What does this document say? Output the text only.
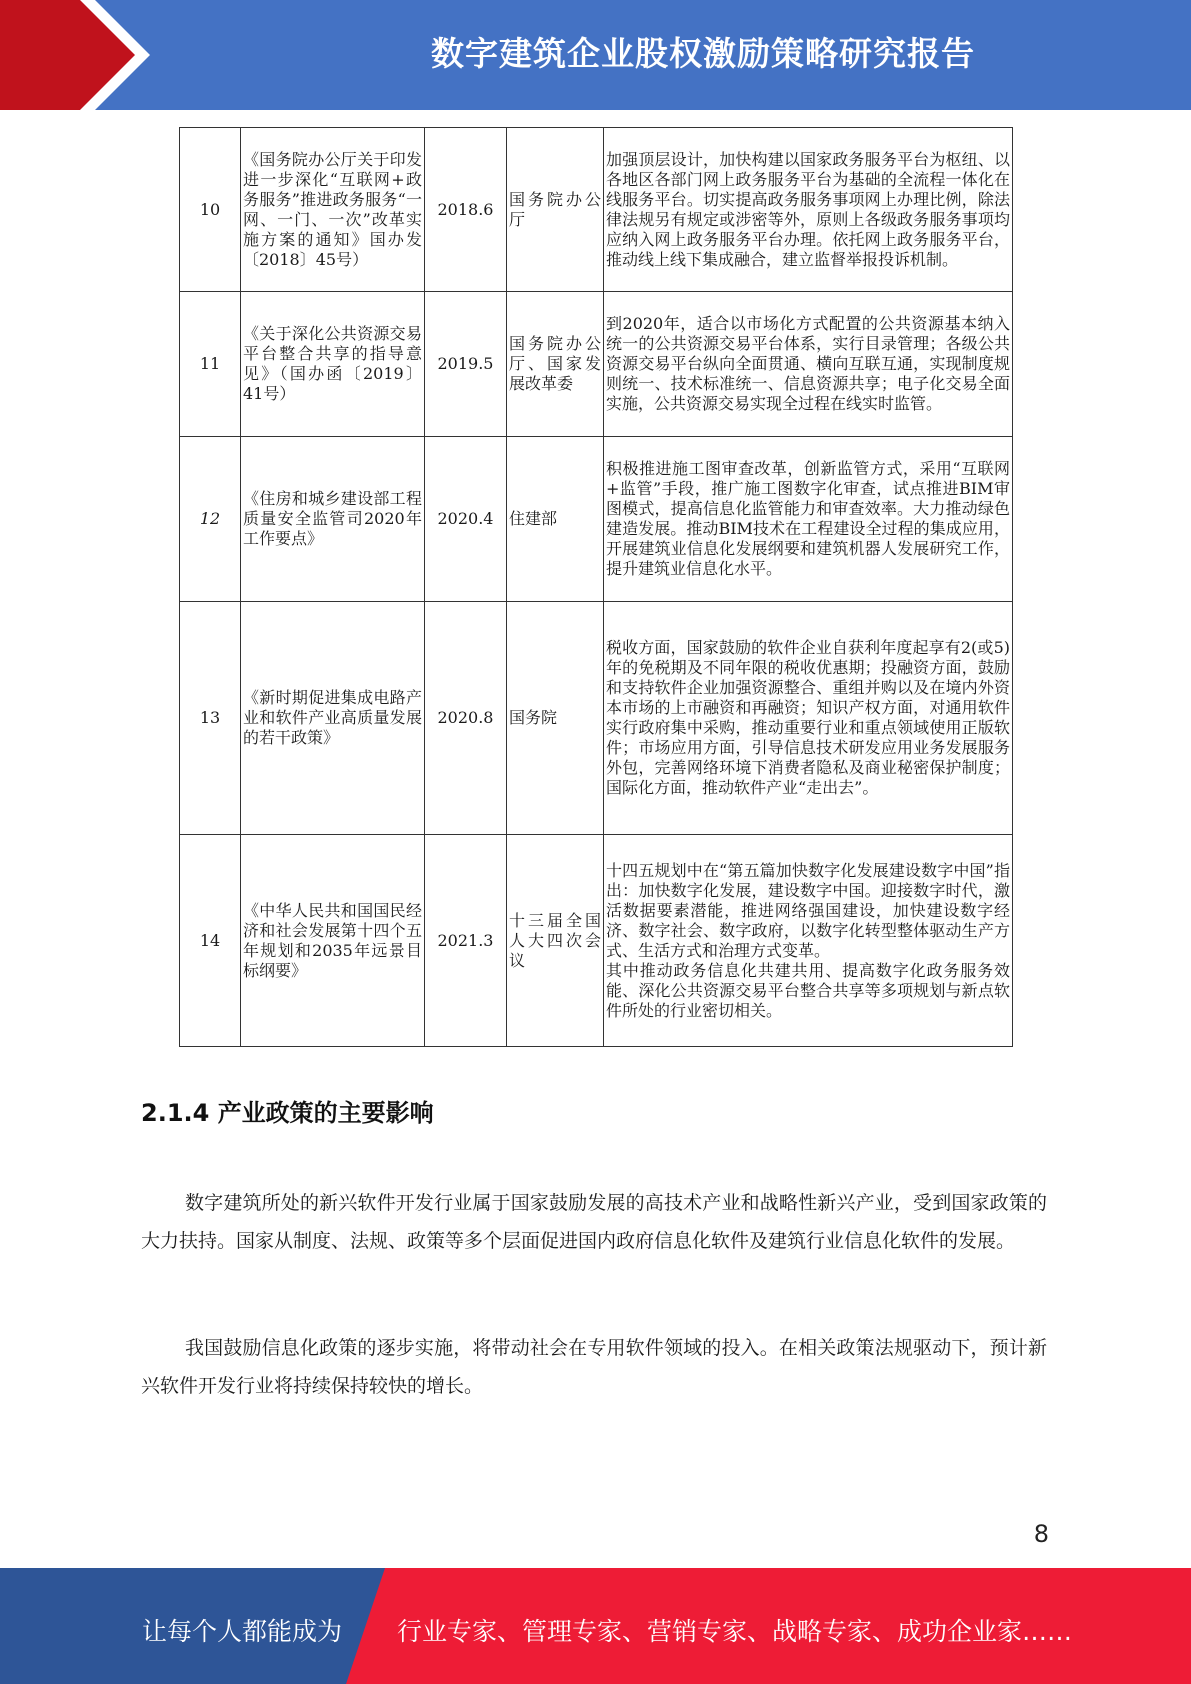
数字建筑企业股权激励策略研究报告
10	《国务院办公厅关于印发进一步深化“互联网+政务服务”推进政务服务“一网、一门、一次”改革实施方案的通知》国办发〔2018〕45号）	2018.6	国务院办公厅	加强顶层设计，加快构建以国家政务服务平台为枢纽、以各地区各部门网上政务服务平台为基础的全流程一体化在线服务平台。切实提高政务服务事项网上办理比例，除法律法规另有规定或涉密等外，原则上各级政务服务事项均应纳入网上政务服务平台办理。依托网上政务服务平台，推动线上线下集成融合，建立监督举报投诉机制。
11	《关于深化公共资源交易平台整合共享的指导意见》（国办函〔2019〕41号）	2019.5	国务院办公厅、国家发展改革委	到2020年，适合以市场化方式配置的公共资源基本纳入统一的公共资源交易平台体系，实行目录管理；各级公共资源交易平台纵向全面贯通、横向互联互通，实现制度规则统一、技术标准统一、信息资源共享；电子化交易全面实施，公共资源交易实现全过程在线实时监管。
12	《住房和城乡建设部工程质量安全监管司2020年工作要点》	2020.4	住建部	积极推进施工图审查改革，创新监管方式，采用“互联网+监管”手段，推广施工图数字化审查，试点推进BIM审图模式，提高信息化监管能力和审查效率。大力推动绿色建造发展。推动BIM技术在工程建设全过程的集成应用，开展建筑业信息化发展纲要和建筑机器人发展研究工作，提升建筑业信息化水平。
13	《新时期促进集成电路产业和软件产业高质量发展的若干政策》	2020.8	国务院	税收方面，国家鼓励的软件企业自获利年度起享有2(或5)年的免税期及不同年限的税收优惠期；投融资方面，鼓励和支持软件企业加强资源整合、重组并购以及在境内外资本市场的上市融资和再融资；知识产权方面，对通用软件实行政府集中采购，推动重要行业和重点领域使用正版软件；市场应用方面，引导信息技术研发应用业务发展服务外包，完善网络环境下消费者隐私及商业秘密保护制度；国际化方面，推动软件产业“走出去”。
14	《中华人民共和国国民经济和社会发展第十四个五年规划和2035年远景目标纲要》	2021.3	十三届全国人大四次会议	十四五规划中在“第五篇加快数字化发展建设数字中国”指出：加快数字化发展，建设数字中国。迎接数字时代，激活数据要素潜能，推进网络强国建设，加快建设数字经济、数字社会、数字政府，以数字化转型整体驱动生产方式、生活方式和治理方式变革。
其中推动政务信息化共建共用、提高数字化政务服务效能、深化公共资源交易平台整合共享等多项规划与新点软件所处的行业密切相关。
2.1.4 产业政策的主要影响

数字建筑所处的新兴软件开发行业属于国家鼓励发展的高技术产业和战略性新兴产业，受到国家政策的大力扶持。国家从制度、法规、政策等多个层面促进国内政府信息化软件及建筑行业信息化软件的发展。

我国鼓励信息化政策的逐步实施，将带动社会在专用软件领域的投入。在相关政策法规驱动下，预计新兴软件开发行业将持续保持较快的增长。

8
让每个人都能成为 行业专家、管理专家、营销专家、战略专家、成功企业家……
